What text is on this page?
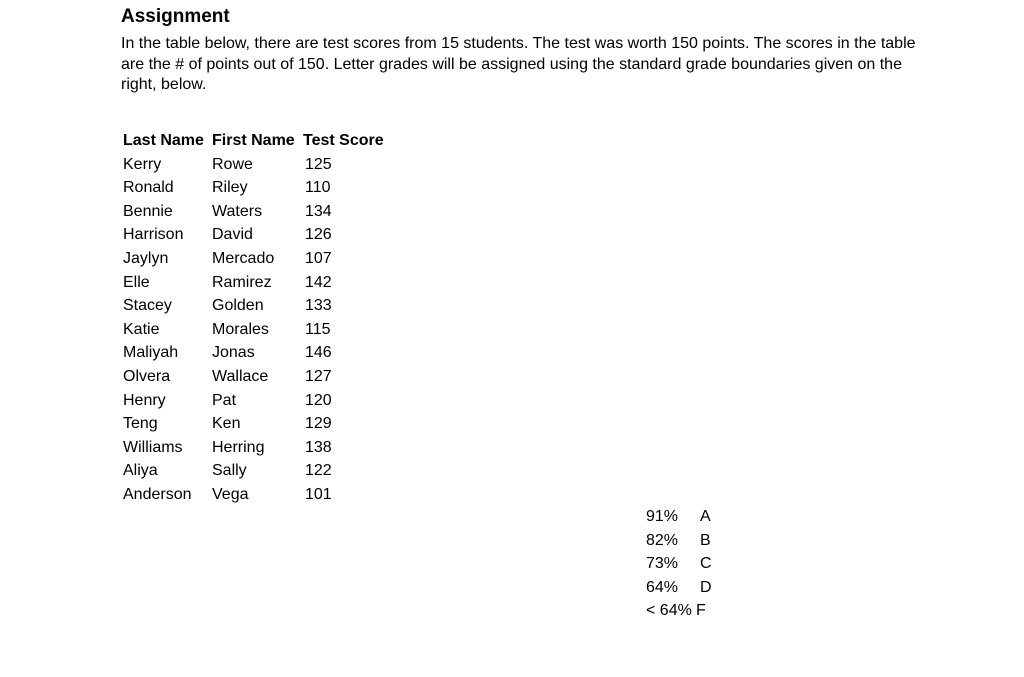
Assignment

In the table below, there are test scores from 15 students. The test was worth 150 points. The scores in the table are the # of points out of 150. Letter grades will be assigned using the standard grade boundaries given on the right, below.

Last Name	First Name	Test Score
Kerry	Rowe	125
Ronald	Riley	110
Bennie	Waters	134
Harrison	David	126
Jaylyn	Mercado	107
Elle	Ramirez	142
Stacey	Golden	133
Katie	Morales	115
Maliyah	Jonas	146
Olvera	Wallace	127
Henry	Pat	120
Teng	Ken	129
Williams	Herring	138
Aliya	Sally	122
Anderson	Vega	101
91%	A
82%	B
73%	C
64%	D
< 64%	F
